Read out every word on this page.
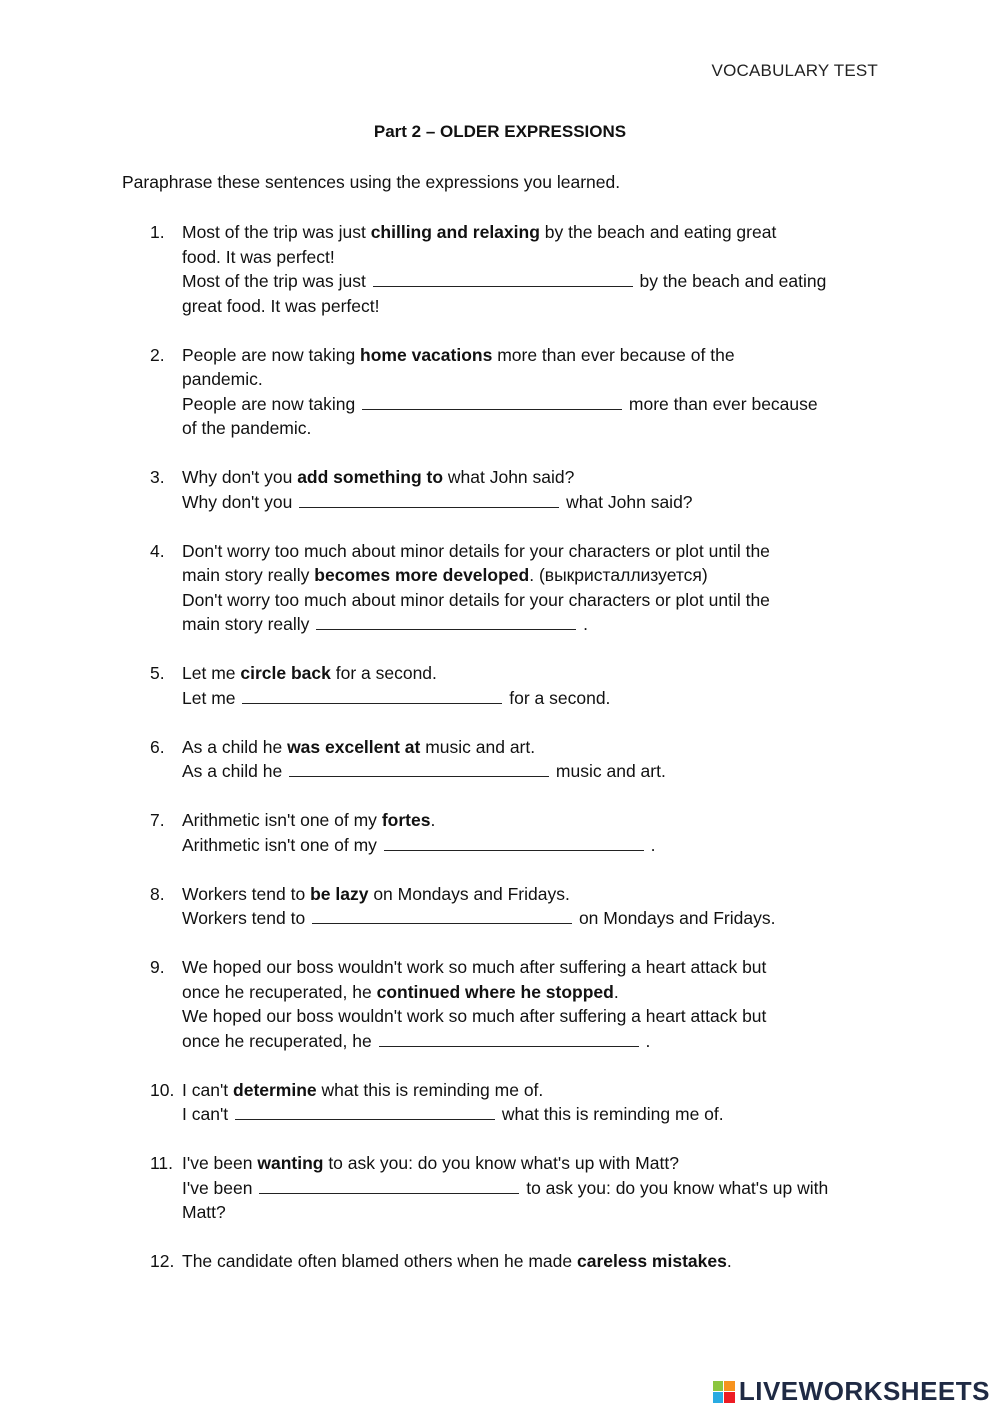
VOCABULARY TEST
Part 2 – OLDER EXPRESSIONS
Paraphrase these sentences using the expressions you learned.
1. Most of the trip was just chilling and relaxing by the beach and eating great
food. It was perfect!
Most of the trip was just	by the beach and eating
great food. It was perfect!
2. People are now taking home vacations more than ever because of the
pandemic.
People are now taking	more than ever because
of the pandemic.
3. Why don't you add something to what John said?
Why don't you	what John said?
4. Don't worry too much about minor details for your characters or plot until the
main story really becomes more developed. (выкристаллизуется)
Don't worry too much about minor details for your characters or plot until the
main story really	.
5. Let me circle back for a second.
Let me	for a second.
6. As a child he was excellent at music and art.
As a child he	music and art.
7. Arithmetic isn't one of my fortes.
Arithmetic isn't one of my	.
8. Workers tend to be lazy on Mondays and Fridays.
Workers tend to	on Mondays and Fridays.
9. We hoped our boss wouldn't work so much after suffering a heart attack but
once he recuperated, he continued where he stopped.
We hoped our boss wouldn't work so much after suffering a heart attack but
once he recuperated, he	.
10. I can't determine what this is reminding me of.
I can't	what this is reminding me of.
11. I've been wanting to ask you: do you know what's up with Matt?
I've been	to ask you: do you know what's up with
Matt?
12. The candidate often blamed others when he made careless mistakes.
LIVEWORKSHEETS
